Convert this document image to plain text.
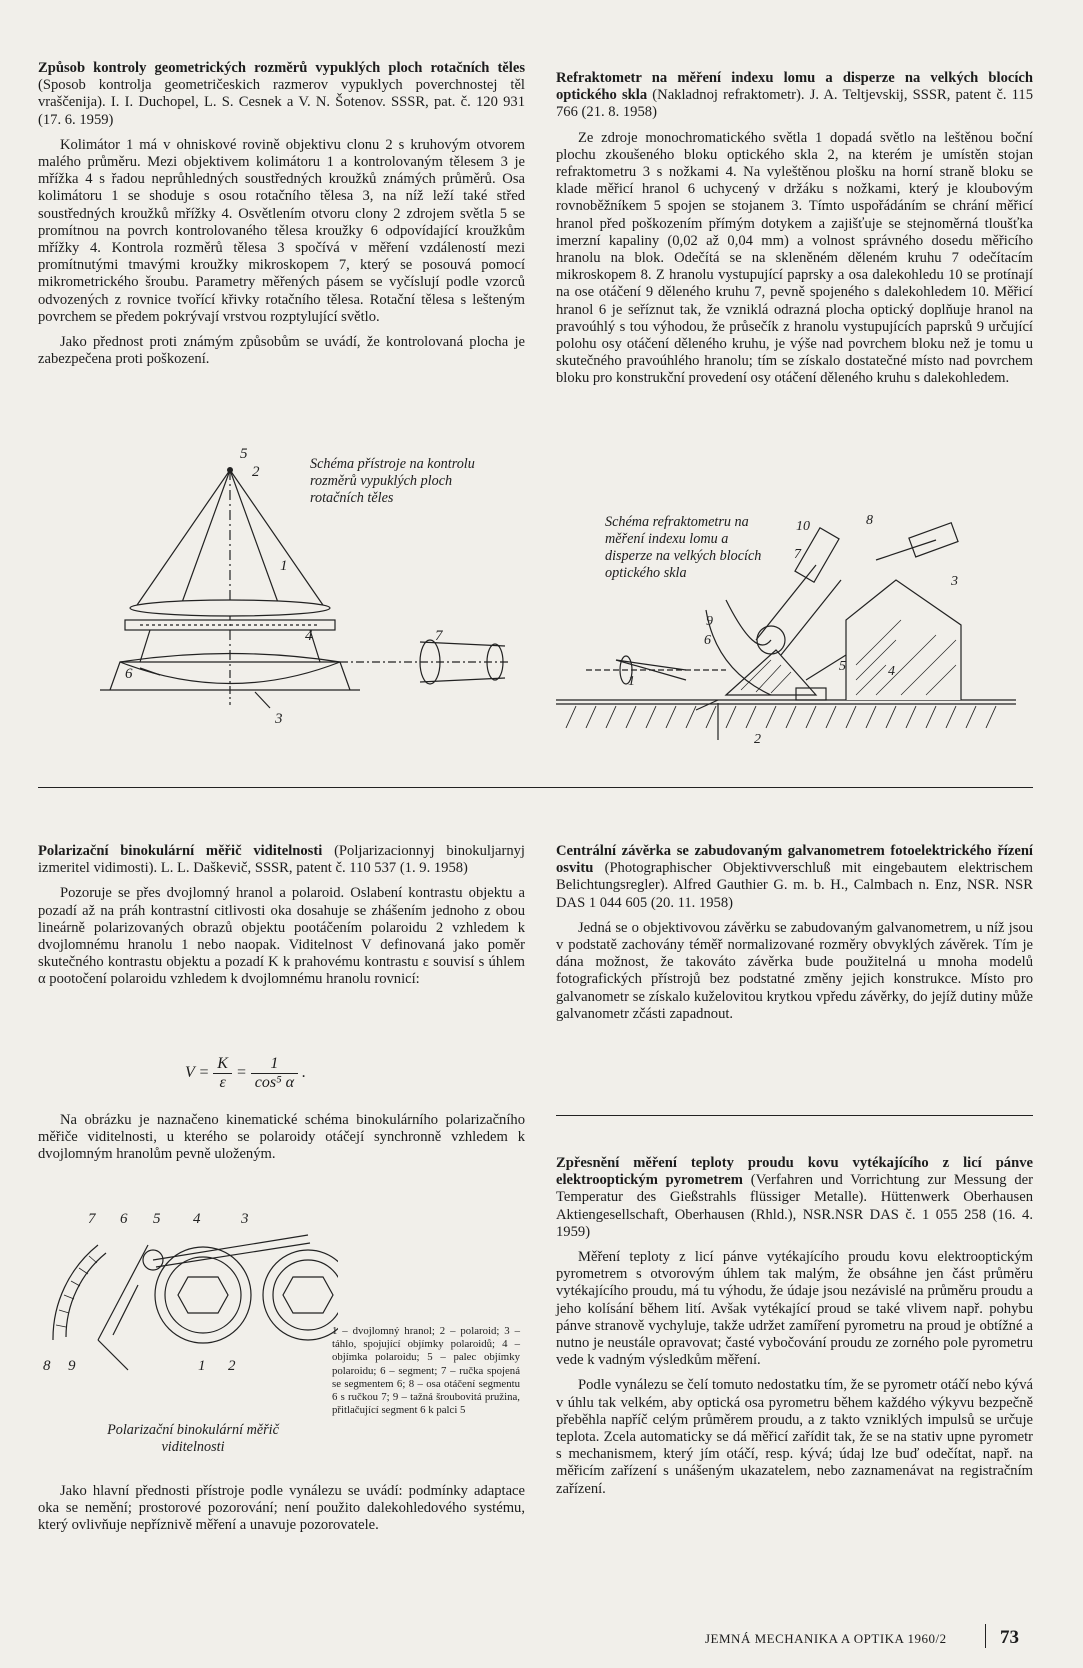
Způsob kontroly geometrických rozměrů vypuklých ploch rotačních těles (Sposob kontrolja geometričeskich razmerov vypuklych poverchnostej těl vraščenija). I. I. Duchopel, L. S. Cesnek a V. N. Šotenov. SSSR, pat. č. 120 931 (17. 6. 1959)

Kolimátor 1 má v ohniskové rovině objektivu clonu 2 s kruhovým otvorem malého průměru. Mezi objektivem kolimátoru 1 a kontrolovaným tělesem 3 je mřížka 4 s řadou neprůhledných soustředných kroužků známých průměrů. Osa kolimátoru 1 se shoduje s osou rotačního tělesa 3, na níž leží také střed soustředných kroužků mřížky 4. Osvětlením otvoru clony 2 zdrojem světla 5 se promítnou na povrch kontrolovaného tělesa kroužky 6 odpovídající kroužkům mřížky 4. Kontrola rozměrů tělesa 3 spočívá v měření vzdáleností mezi promítnutými tmavými kroužky mikroskopem 7, který se posouvá pomocí mikrometrického šroubu. Parametry měřených pásem se vyčíslují podle vzorců odvozených z rovnice tvořící křivky rotačního tělesa. Rotační tělesa s lešteným povrchem se předem pokrývají vrstvou rozptylující světlo.

Jako přednost proti známým způsobům se uvádí, že kontrolovaná plocha je zabezpečena proti poškození.

5
2
1
4	7
6
3
Schéma přístroje na kontrolu rozměrů vypuklých ploch rotačních těles

Refraktometr na měření indexu lomu a disperze na velkých blocích optického skla (Nakladnoj refraktometr). J. A. Teltjevskij, SSSR, patent č. 115 766 (21. 8. 1958)

Ze zdroje monochromatického světla 1 dopadá světlo na leštěnou boční plochu zkoušeného bloku optického skla 2, na kterém je umístěn stojan refraktometru 3 s nožkami 4. Na vyleštěnou plošku na horní straně bloku se klade měřicí hranol 6 uchycený v držáku s nožkami, který je kloubovým rovnoběžníkem 5 spojen se stojanem 3. Tímto uspořádáním se chrání měřicí hranol před poškozením přímým dotykem a zajišťuje se stejnoměrná tloušťka imerzní kapaliny (0,02 až 0,04 mm) a volnost správného dosedu měřicího hranolu na blok. Odečítá se na skleněném děleném kruhu 7 odečítacím mikroskopem 8. Z hranolu vystupující paprsky a osa dalekohledu 10 se protínají na ose otáčení 9 děleného kruhu 7, pevně spojeného s dalekohledem 10. Měřicí hranol 6 je seříznut tak, že vzniklá odrazná plocha optický doplňuje hranol na pravoúhlý s tou výhodou, že průsečík z hranolu vystupujících paprsků 9 určující polohu osy otáčení děleného kruhu, je výše nad povrchem bloku než je tomu u skutečného pravoúhlého hranolu; tím se získalo dostatečné místo nad povrchem bloku pro konstrukční provedení osy otáčení děleného kruhu s dalekohledem.

10	8
7
3
9
6
5	4
1
2
Schéma refraktometru na měření indexu lomu a disperze na velkých blocích optického skla

Polarizační binokulární měřič viditelnosti (Poljarizacionnyj binokuljarnyj izmeritel vidimosti). L. L. Daškevič, SSSR, patent č. 110 537 (1. 9. 1958)

Pozoruje se přes dvojlomný hranol a polaroid. Oslabení kontrastu objektu a pozadí až na práh kontrastní citlivosti oka dosahuje se zhášením jednoho z obou lineárně polarizovaných obrazů objektu pootáčením polaroidu 2 vzhledem k dvojlomnému hranolu 1 nebo naopak. Viditelnost V definovaná jako poměr skutečného kontrastu objektu a pozadí K k prahovému kontrastu ε souvisí s úhlem α pootočení polaroidu vzhledem k dvojlomnému hranolu rovnicí:

$V = \frac{K}{\varepsilon} = \frac{1}{\text{cos⁵ α}}$ .

Na obrázku je naznačeno kinematické schéma binokulárního polarizačního měřiče viditelnosti, u kterého se polaroidy otáčejí synchronně vzhledem k dvojlomným hranolům pevně uloženým.

7 6 5 4	3
8 9	1 2
Polarizační binokulární měřič viditelnosti
1 – dvojlomný hranol; 2 – polaroid; 3 – táhlo, spojující objímky polaroidů; 4 – objímka polaroidu; 5 – palec objímky polaroidu; 6 – segment; 7 – ručka spojená se segmentem 6; 8 – osa otáčení segmentu 6 s ručkou 7; 9 – tažná šroubovitá pružina, přitlačující segment 6 k palci 5

Jako hlavní přednosti přístroje podle vynálezu se uvádí: podmínky adaptace oka se nemění; prostorové pozorování; není použito dalekohledového systému, který ovlivňuje nepříznivě měření a unavuje pozorovatele.

Centrální závěrka se zabudovaným galvanometrem fotoelektrického řízení osvitu (Photographischer Objektivverschluß mit eingebautem elektrischem Belichtungsregler). Alfred Gauthier G. m. b. H., Calmbach n. Enz, NSR. NSR DAS 1 044 605 (20. 11. 1958)

Jedná se o objektivovou závěrku se zabudovaným galvanometrem, u níž jsou v podstatě zachovány téměř normalizované rozměry obvyklých závěrek. Tím je dána možnost, že takováto závěrka bude použitelná u mnoha modelů fotografických přístrojů bez podstatné změny jejich konstrukce. Místo pro galvanometr se získalo kuželovitou krytkou vpředu závěrky, do jejíž dutiny může galvanometr zčásti zapadnout.

Zpřesnění měření teploty proudu kovu vytékajícího z licí pánve elektrooptickým pyrometrem (Verfahren und Vorrichtung zur Messung der Temperatur des Gießstrahls flüssiger Metalle). Hüttenwerk Oberhausen Aktiengesellschaft, Oberhausen (Rhld.), NSR.NSR DAS č. 1 055 258 (16. 4. 1959)

Měření teploty z licí pánve vytékajícího proudu kovu elektrooptickým pyrometrem s otvorovým úhlem tak malým, že obsáhne jen část průměru vytékajícího proudu, má tu výhodu, že údaje jsou nezávislé na průměru proudu a jeho kolísání během lití. Avšak vytékající proud se také vlivem např. pohybu pánve stranově vychyluje, takže udržet zamíření pyrometru na proud je obtížné a nutno je neustále opravovat; časté vybočování proudu ze zorného pole pyrometru vede k vadným výsledkům měření.

Podle vynálezu se čelí tomuto nedostatku tím, že se pyrometr otáčí nebo kývá v úhlu tak velkém, aby optická osa pyrometru během každého výkyvu bezpečně přeběhla napříč celým průměrem proudu, a z takto vzniklých impulsů se určuje teplota. Zcela automaticky se dá měřicí zařídit tak, že se na stativ upne pyrometr s mechanismem, který jím otáčí, resp. kývá; údaj lze buď odečítat, např. na měřicím zařízení s unášeným ukazatelem, nebo zaznamenávat na registračním zařízení.

JEMNÁ MECHANIKA A OPTIKA 1960/2	73
